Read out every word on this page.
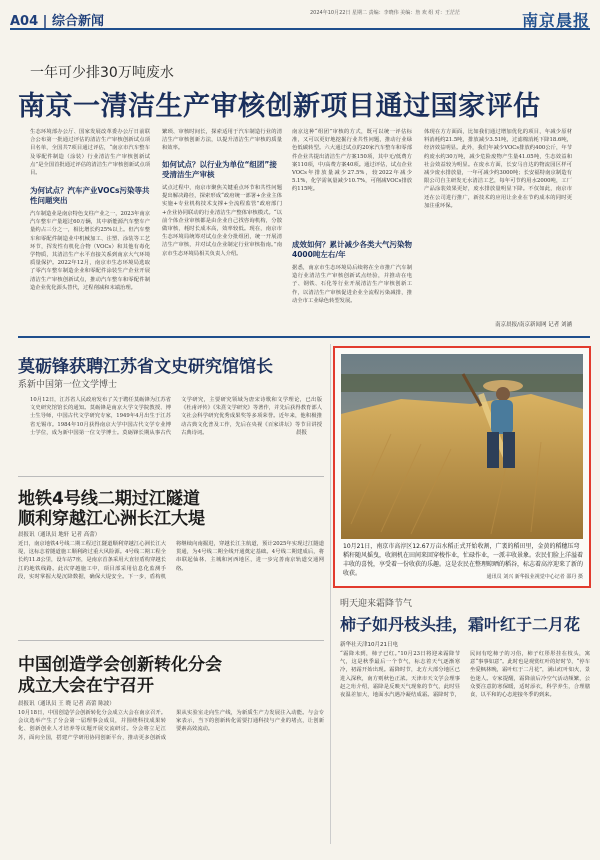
A04 | 综合新闻
2024年10月22日 星期二 责编：李晓伟 美编：詹 欢 组 对：王茫茫	南京晨报
一年可少排30万吨废水
南京一清洁生产审核创新项目通过国家评估
生态环境部办公厅、国家发展改革委办公厅日前联合公布第一批通过评估的清洁生产审核创新试点项目名单，全国共7项目通过评估，“南京市汽车整车及零配件制造（涂装）行业清洁生产审核创新试点”是全国首批通过评估的清洁生产审核创新试点项目。
为何试点？汽车产业VOCs污染等共性问题突出
汽车制造业是南京特色支柱产业之一，2023年南京汽车整车产量超过60万辆，其中新能源汽车整车产量约占三分之一，相比增长约25%以上。但汽车整车和零配件制造业中机械加工、注塑、涂装等工艺环节，挥发性有机化合物（VOCs）和其他有毒化学物质，其清洁生产水平直接关系到南京大气环境质量保护。2022年12月，南京市生态环境局选取了零汽车整车制造企业和零配件涂装生产企业开展清洁生产审核创新试点，推动汽车整车和零配件制造企业优化源头替代，过程削减和末端治理。
繁琐、审核时间长，探索适用于汽车制造行业的清洁生产审核创新方法，以提升清洁生产审核的质量和效率。
如何试点？以行业为单位“组团”接受清洁生产审核
试点过程中，南京市聚焦关键重点环节和共性问题提出解决路径，探索形成“政府统一部署+企业主体实施+专业机构技术支撑+全流程监管”政府部门+企业协同联动的行业清洁生产整体审核模式。“以前个体企业审核都是由企业自己找咨询机构，分散做审核，耗时长成本高，效率较低。现在，南京市生态环境局统筹对试点企业分批组团，统一开展清洁生产审核，并对试点企业制定行业审核指南。”南京市生态环境局相关负责人介绍。
南京这种“组团”审核的方式，既可以统一评估标准，又可以更好地挖掘行业共性问题，推动行业绿色低碳转型。六大通过试点的20家汽车整车和零部件企业共提出清洁生产方案150项，其中无/低费方案110项，中/高费方案40项。通过评估，试点企业VOCs年排放量减少27.5%，较2022年减少5.1%，化学需氧量减少10.7%，可削减VOCs排放约115吨。
成效如何？累计减少各类大气污染物4000吨左右/年
据悉，南京市生态环境局后续将在全市推广汽车制造行业清洁生产审核创新试点经验，并推动在电子、钢铁、石化等行业开展清洁生产审核创新工作，以清洁生产审核促进企业全流程污染减排，推动全市工业绿色转型发展。
体现在方方面面，比如我们通过增加优化的项目，年减少原材料消耗约21.5吨，排放减少3.51吨，过滤棉消耗下降18.6吨，经济效益明显。此外，我们年减少VOCs排放约400公斤，年节约废水约30万吨，减少危险废物产生量41.05吨，生态效益和社会效益较为明显。在废水方面，长安马自达的物流园区样可减少废水排放量，一年可减少约3000吨；长安福特南京制造有限公司自主研发无水清洁工艺，每年可节约用水2000吨，工厂产品涂装效果更好，废水排放量明显下降。不仅如此，南京市还在公司进行推广，新技术的应用让企业在节约成本的同时更加注重环保。
南京晨报/南京新闻网 记者 刘涵
莫砺锋获聘江苏省文史研究馆馆长
系新中国第一位文学博士
10月12日，江苏省人民政府发布了关于聘任莫砺锋为江苏省文史研究馆馆长的通知。莫砺锋是南京大学文学院教授、博士生导师，中国古代文学研究专家，1949年4月出生于江苏省无锡市。1984年10月获得南京大学中国古代文学专业博士学位，成为新中国第一位文学博士。莫砺锋长期从事古代文学研究，主要研究领域为唐宋诗歌和文学理论，已出版《杜甫评传》《朱熹文学研究》等著作，并先后获得教育部人文社会科学研究优秀成果奖等多项荣誉。近年来，他积极推动古典文化普及工作，先后在央视《百家讲坛》等节目讲授古典诗词。	晨报
地铁4号线二期过江隧道
顺利穿越江心洲长江大堤
晨报讯（通讯员 地轩 记者 高蕾）
近日，南京地铁4号线二期工程过江隧道顺利穿越江心洲长江大堤，这标志着隧道施工顺利跨过重大风险源。4号线二期工程全长约11.8公里，设车站7座，是南京首条采用大直径盾构穿越长江的地铁线路。此次穿越施工中，项目部采用信息化监测手段，实时掌握大堤沉降数据，确保大堤安全。下一步，盾构机将继续向南掘进，穿越长江主航道，预计2025年实现过江隧道贯通，为4号线二期全线开通奠定基础。4号线二期建成后，将串联起仙林、主城和河西地区，进一步完善南京轨道交通网络。
中国创造学会创新转化分会
成立大会在宁召开
晨报讯（通讯员 王 晓 记者 高蕾 陈波）
10月18日，中国创造学会创新转化分会成立大会在南京召开。会议选举产生了分会第一届理事会成员，并围绕科技成果转化、创新创业人才培养等议题开展交流研讨。分会将立足江苏，面向全国，搭建产学研用协同创新平台，推动更多创新成果从实验室走向生产线，为新质生产力发展注入动能。与会专家表示，当下的创新转化需要打通科技与产业的堵点，让创新要素高效流动。
10月21日，南京市高淳区12.67万亩水稻正式开始收割，广袤的稻田里，金黄的稻穗压弯稻秆随风摇曳，收割机在田间来回穿梭作业，忙碌作业，一派丰收景象。农民们脸上洋溢着丰收的喜悦，享受着一份收获的乐趣。这是农民在整理晾晒的稻谷，标志着高淳迎来了新的收获。	通讯员 刘兴 新华报业视觉中心记者 邵丹 摄
明天迎来霜降节气
柿子如丹枝头挂，霜叶红于二月花
新华社天津10月21日电
“霜降未到，柿子已红。”10月23日将迎来霜降节气，这是秋季最后一个节气，标志着天气逐渐寒冷，初霜开始出现。霜降时节，北方大部分地区已进入深秋，南方则秋色正浓。天津市天文学会理事赵之珩介绍，霜降是反映天气现象的节气，此时昼夜温差加大，地面水汽遇冷凝结成霜。霜降时节，民间有吃柿子的习俗，柿子红彤彤挂在枝头，寓意“事事如意”。此时也是观赏红叶的好时节，“停车坐爱枫林晚，霜叶红于二月花”，满山红叶如火，景色迷人。专家提醒，霜降前后冷空气活动频繁，公众要注意防寒保暖，适时添衣，科学养生，合理膳食，以平和的心态迎接冬季的到来。
